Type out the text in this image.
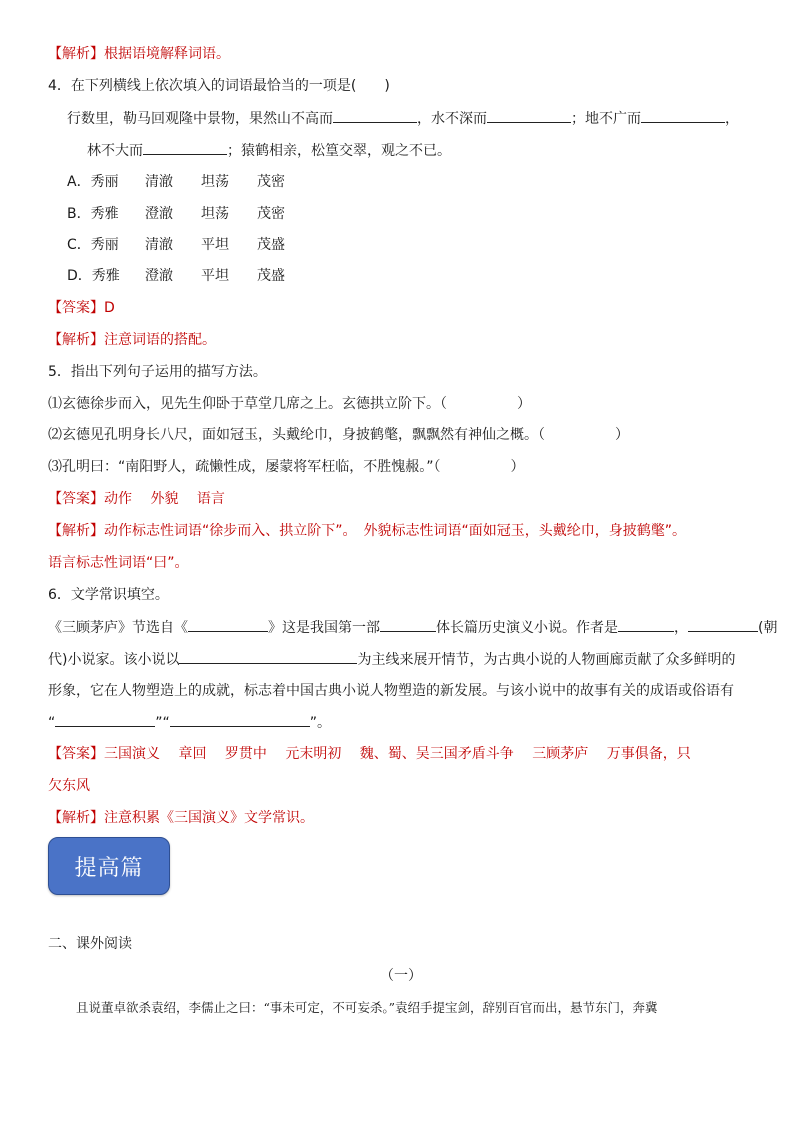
【解析】根据语境解释词语。
4．在下列横线上依次填入的词语最恰当的一项是(　　)
行数里，勒马回观隆中景物，果然山不高而	，水不深而	；地不广而	，
林不大而	；猿鹤相亲，松篁交翠，观之不已。
A．秀丽 清澈 坦荡 茂密
B．秀雅 澄澈 坦荡 茂密
C．秀丽 清澈 平坦 茂盛
D．秀雅 澄澈 平坦 茂盛
【答案】D
【解析】注意词语的搭配。
5．指出下列句子运用的描写方法。
⑴玄德徐步而入，见先生仰卧于草堂几席之上。玄德拱立阶下。（　　　　　）
⑵玄德见孔明身长八尺，面如冠玉，头戴纶巾，身披鹤氅，飘飘然有神仙之概。（　　　　　）
⑶孔明曰：“南阳野人，疏懒性成，屡蒙将军枉临，不胜愧赧。”（　　　　　）
【答案】动作　 外貌　 语言
【解析】动作标志性词语“徐步而入、拱立阶下”。　外貌标志性词语“面如冠玉，头戴纶巾，身披鹤氅”。
语言标志性词语“曰”。
6．文学常识填空。
《三顾茅庐》节选自《	》这是我国第一部	体长篇历史演义小说。作者是	，	(朝
代)小说家。该小说以	为主线来展开情节，为古典小说的人物画廊贡献了众多鲜明的
形象，它在人物塑造上的成就，标志着中国古典小说人物塑造的新发展。与该小说中的故事有关的成语或俗语有
“	”“	”。
【答案】三国演义　 章回　 罗贯中　 元末明初　 魏、蜀、吴三国矛盾斗争　 三顾茅庐　 万事俱备，只
欠东风
【解析】注意积累《三国演义》文学常识。
提高篇
二、课外阅读
（一）
且说董卓欲杀袁绍，李儒止之曰：“事未可定，不可妄杀。”袁绍手提宝剑，辞别百官而出，悬节东门，奔冀
